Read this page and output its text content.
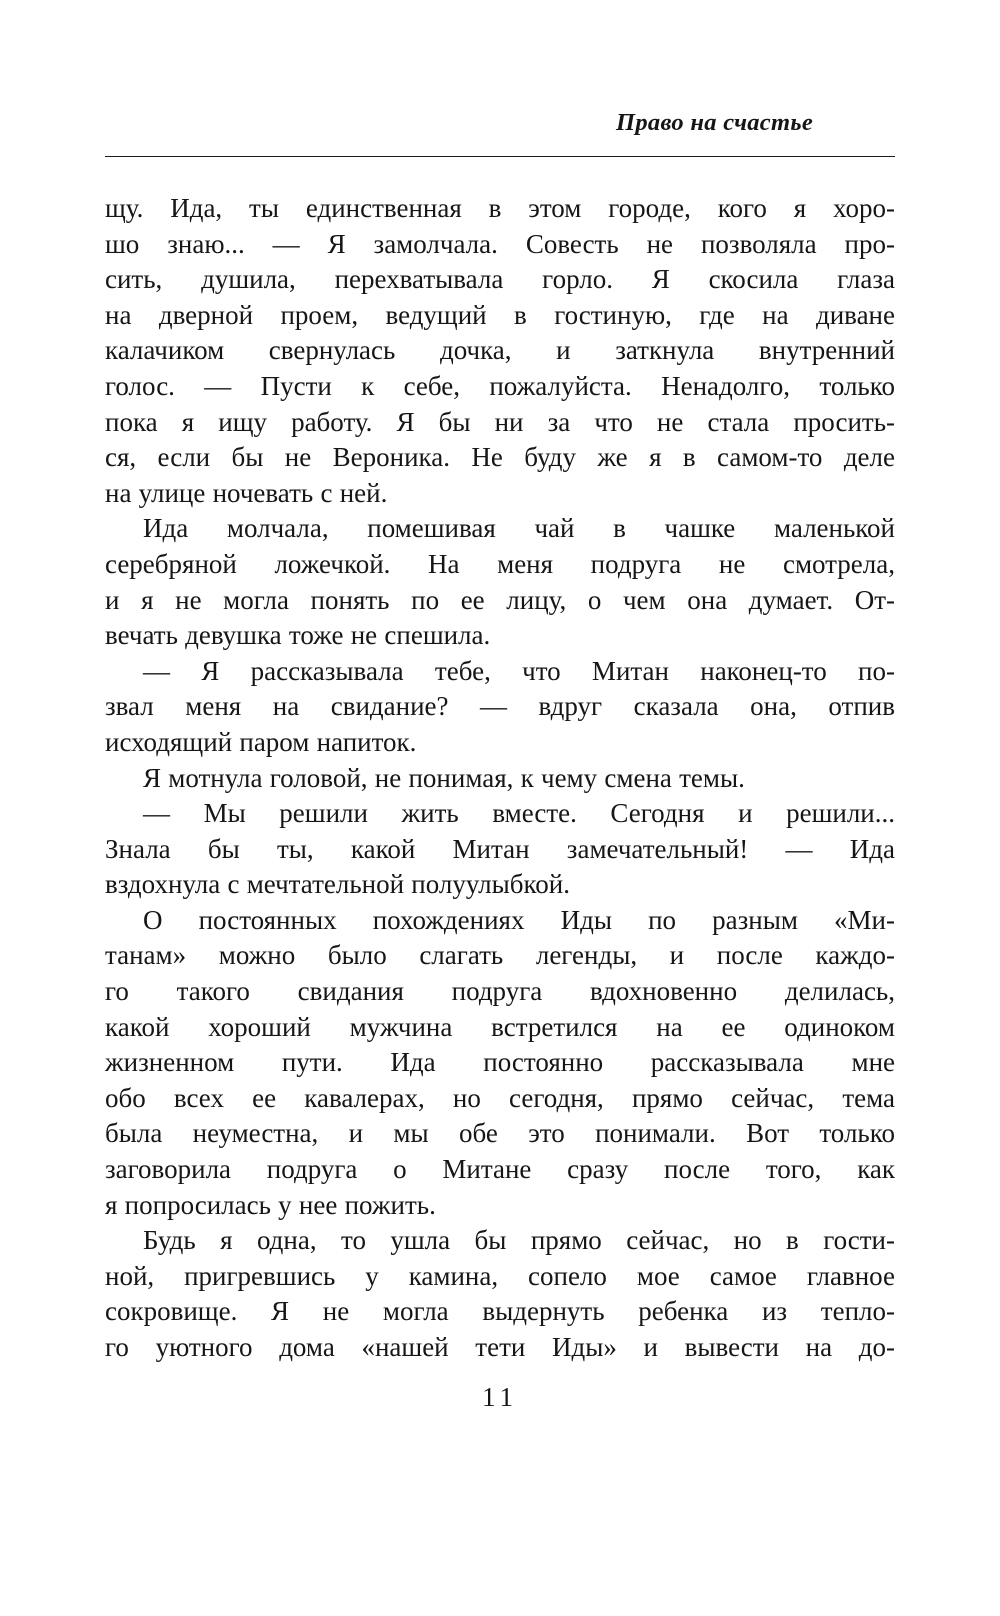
Право на счастье
щу. Ида, ты единственная в этом городе, кого я хоро-
шо знаю... — Я замолчала. Совесть не позволяла про-
сить, душила, перехватывала горло. Я скосила глаза
на дверной проем, ведущий в гостиную, где на диване
калачиком свернулась дочка, и заткнула внутренний
голос. — Пусти к себе, пожалуйста. Ненадолго, только
пока я ищу работу. Я бы ни за что не стала просить-
ся, если бы не Вероника. Не буду же я в самом-то деле
на улице ночевать с ней.
Ида молчала, помешивая чай в чашке маленькой
серебряной ложечкой. На меня подруга не смотрела,
и я не могла понять по ее лицу, о чем она думает. От-
вечать девушка тоже не спешила.
— Я рассказывала тебе, что Митан наконец-то по-
звал меня на свидание? — вдруг сказала она, отпив
исходящий паром напиток.
Я мотнула головой, не понимая, к чему смена темы.
— Мы решили жить вместе. Сегодня и решили...
Знала бы ты, какой Митан замечательный! — Ида
вздохнула с мечтательной полуулыбкой.
О постоянных похождениях Иды по разным «Ми-
танам» можно было слагать легенды, и после каждо-
го такого свидания подруга вдохновенно делилась,
какой хороший мужчина встретился на ее одиноком
жизненном пути. Ида постоянно рассказывала мне
обо всех ее кавалерах, но сегодня, прямо сейчас, тема
была неуместна, и мы обе это понимали. Вот только
заговорила подруга о Митане сразу после того, как
я попросилась у нее пожить.
Будь я одна, то ушла бы прямо сейчас, но в гости-
ной, пригревшись у камина, сопело мое самое главное
сокровище. Я не могла выдернуть ребенка из тепло-
го уютного дома «нашей тети Иды» и вывести на до-
11
